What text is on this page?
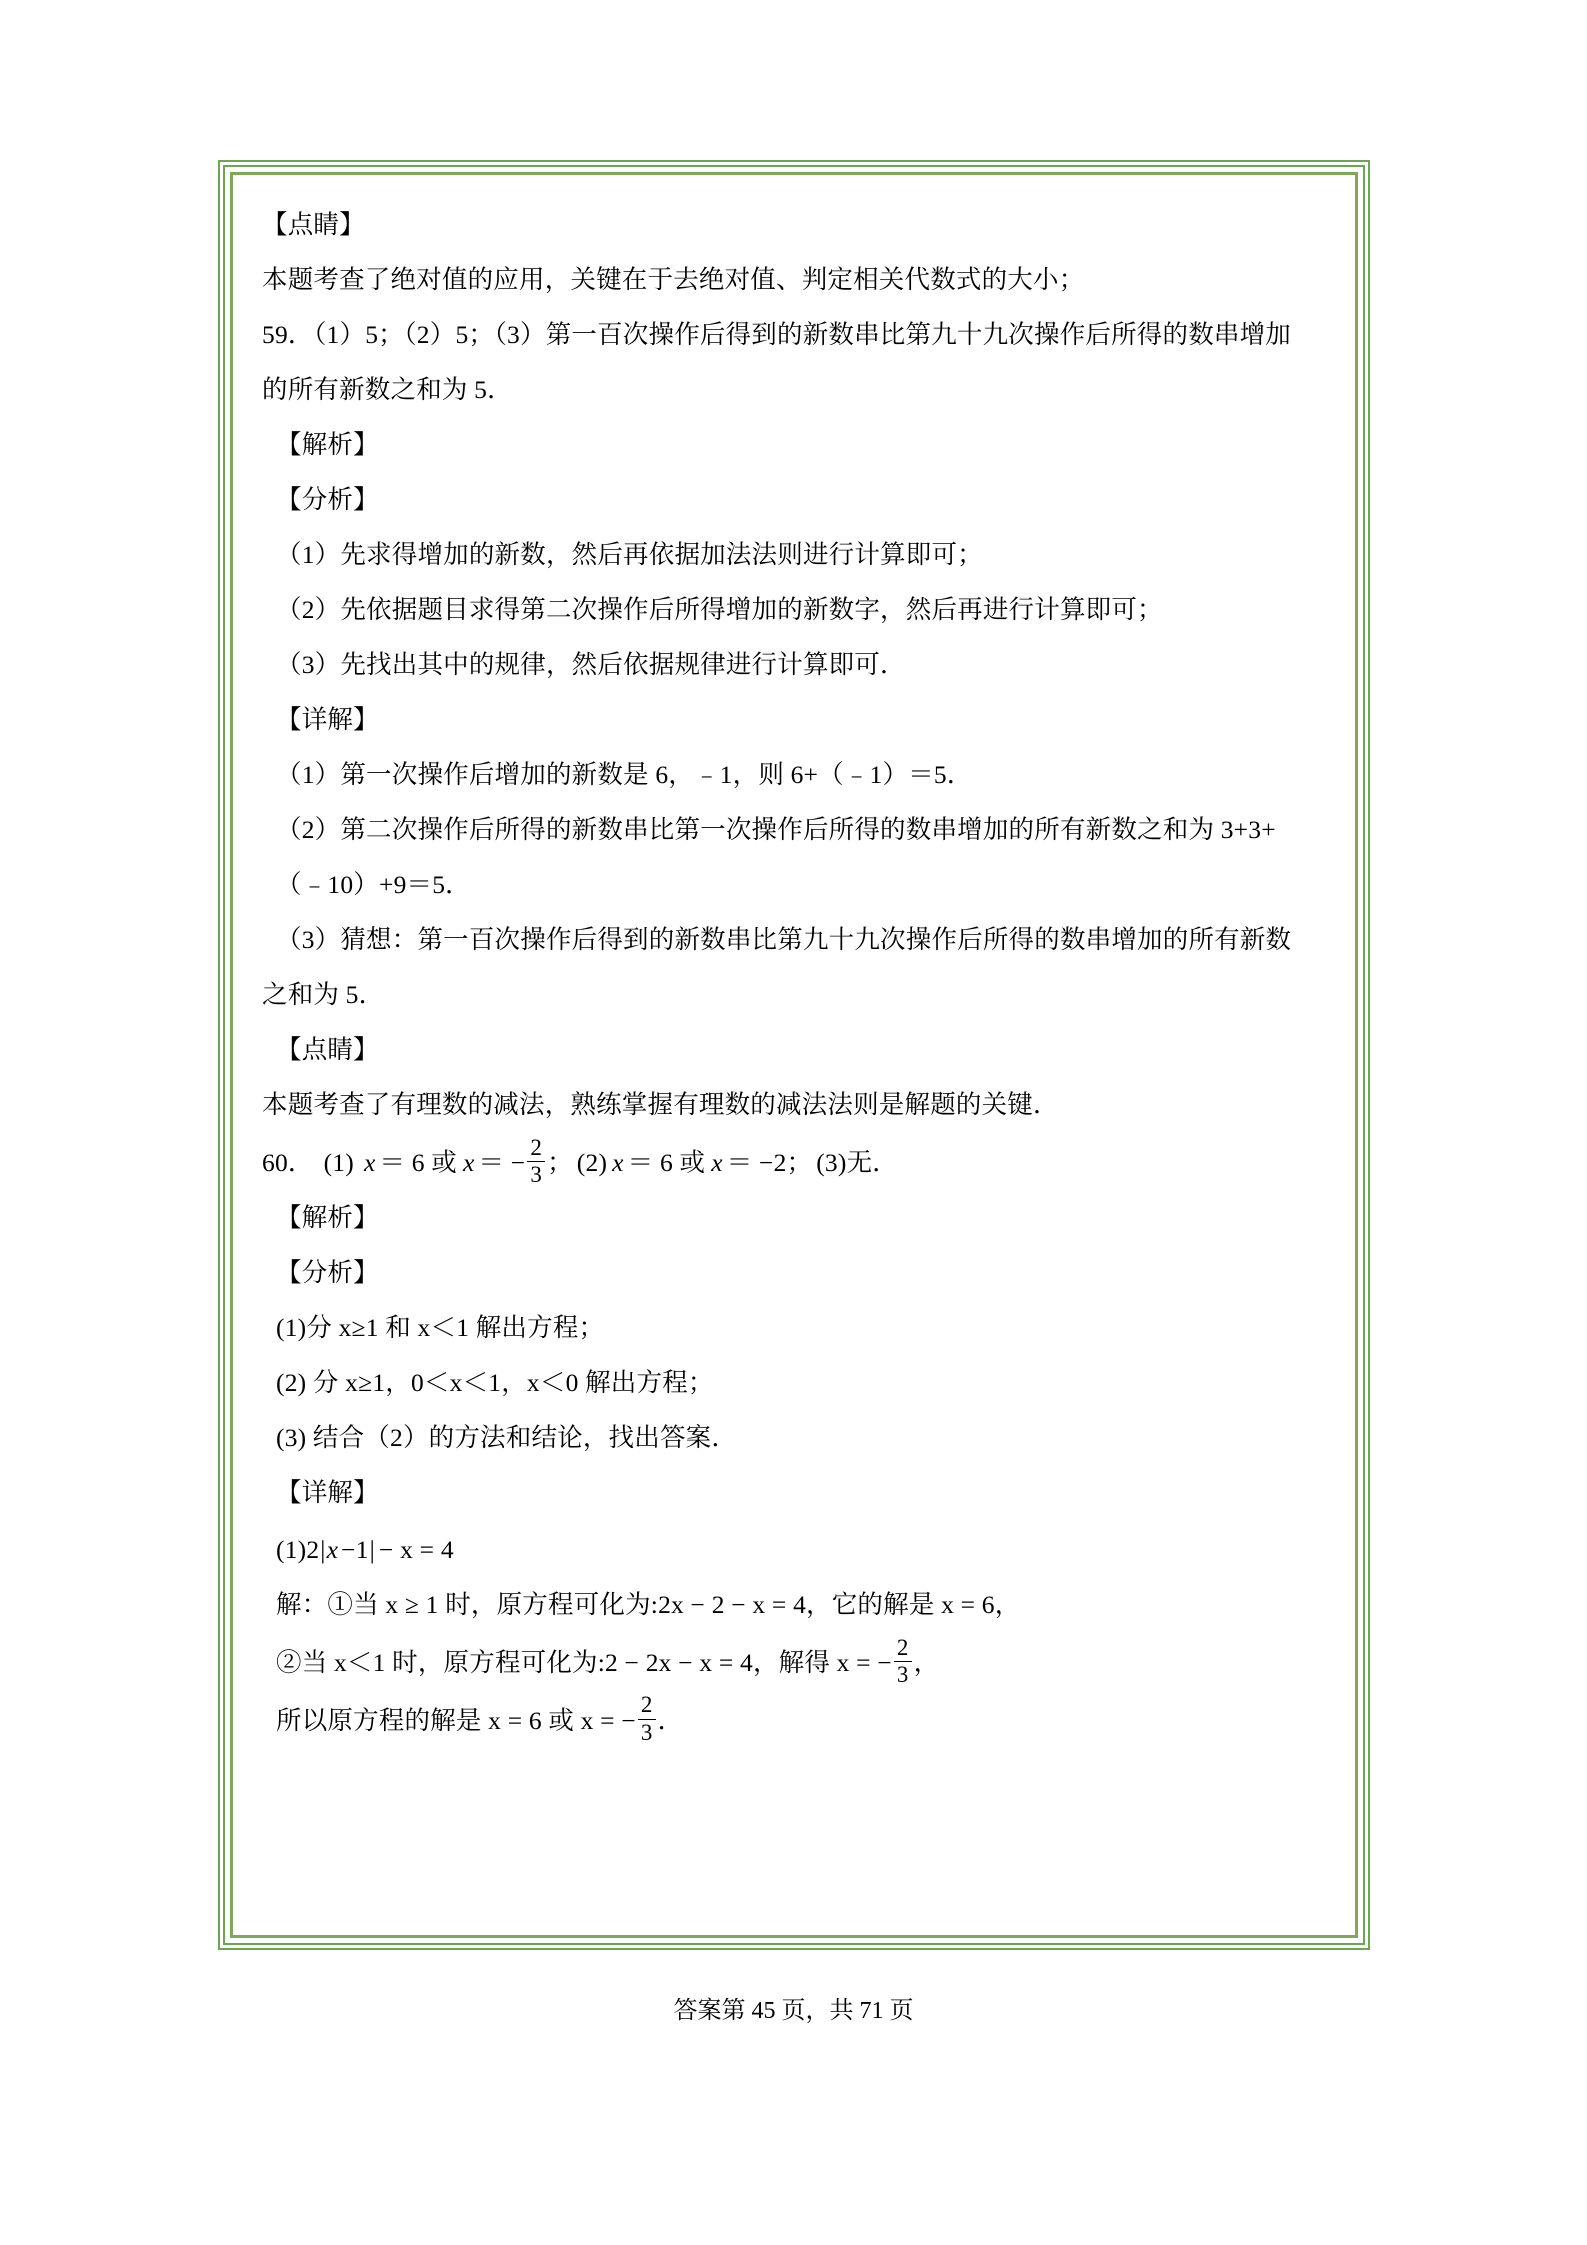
【点睛】

本题考查了绝对值的应用，关键在于去绝对值、判定相关代数式的大小；

59．（1）5；（2）5；（3）第一百次操作后得到的新数串比第九十九次操作后所得的数串增加

的所有新数之和为 5．

【解析】

【分析】

（1）先求得增加的新数，然后再依据加法法则进行计算即可；

（2）先依据题目求得第二次操作后所得增加的新数字，然后再进行计算即可；

（3）先找出其中的规律，然后依据规律进行计算即可．

【详解】

（1）第一次操作后增加的新数是 6，﹣1，则 6+（﹣1）＝5．

（2）第二次操作后所得的新数串比第一次操作后所得的数串增加的所有新数之和为 3+3+

（﹣10）+9＝5．

（3）猜想：第一百次操作后得到的新数串比第九十九次操作后所得的数串增加的所有新数

之和为 5．

【点睛】

本题考查了有理数的减法，熟练掌握有理数的减法法则是解题的关键．

60． (1) x ＝ 6 或 x ＝ − $\frac{2}{3}$ ； (2) x ＝ 6 或 x ＝ −2 ； (3) 无．

【解析】

【分析】

(1)分 x≥1 和 x＜1 解出方程；

(2) 分 x≥1，0＜x＜1，x＜0 解出方程；

(3) 结合（2）的方法和结论，找出答案．

【详解】

(1)2 | x −1 | − x = 4

解：①当 x ≥ 1 时，原方程可化为:2x − 2 − x = 4，它的解是 x = 6，

②当 x＜1 时，原方程可化为:2 − 2x − x = 4，解得 x = − $\frac{2}{3}$ ，

所以原方程的解是 x = 6 或 x = − $\frac{2}{3}$ ．

答案第 45 页，共 71 页
